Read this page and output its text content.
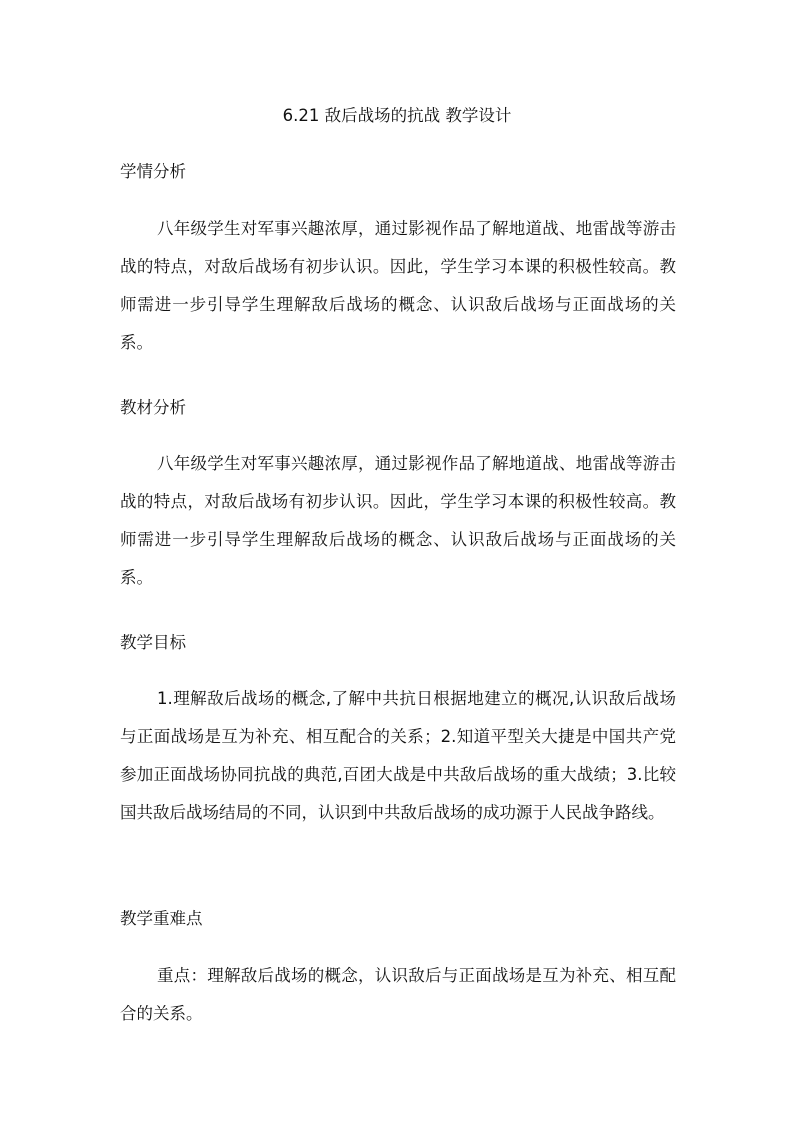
6.21 敌后战场的抗战 教学设计
学情分析

八年级学生对军事兴趣浓厚，通过影视作品了解地道战、地雷战等游击战的特点，对敌后战场有初步认识。因此，学生学习本课的积极性较高。教师需进一步引导学生理解敌后战场的概念、认识敌后战场与正面战场的关系。

教材分析

八年级学生对军事兴趣浓厚，通过影视作品了解地道战、地雷战等游击战的特点，对敌后战场有初步认识。因此，学生学习本课的积极性较高。教师需进一步引导学生理解敌后战场的概念、认识敌后战场与正面战场的关系。

教学目标

1.理解敌后战场的概念,了解中共抗日根据地建立的概况,认识敌后战场与正面战场是互为补充、相互配合的关系；2.知道平型关大捷是中国共产党参加正面战场协同抗战的典范,百团大战是中共敌后战场的重大战绩；3.比较国共敌后战场结局的不同，认识到中共敌后战场的成功源于人民战争路线。

教学重难点

重点：理解敌后战场的概念，认识敌后与正面战场是互为补充、相互配合的关系。
